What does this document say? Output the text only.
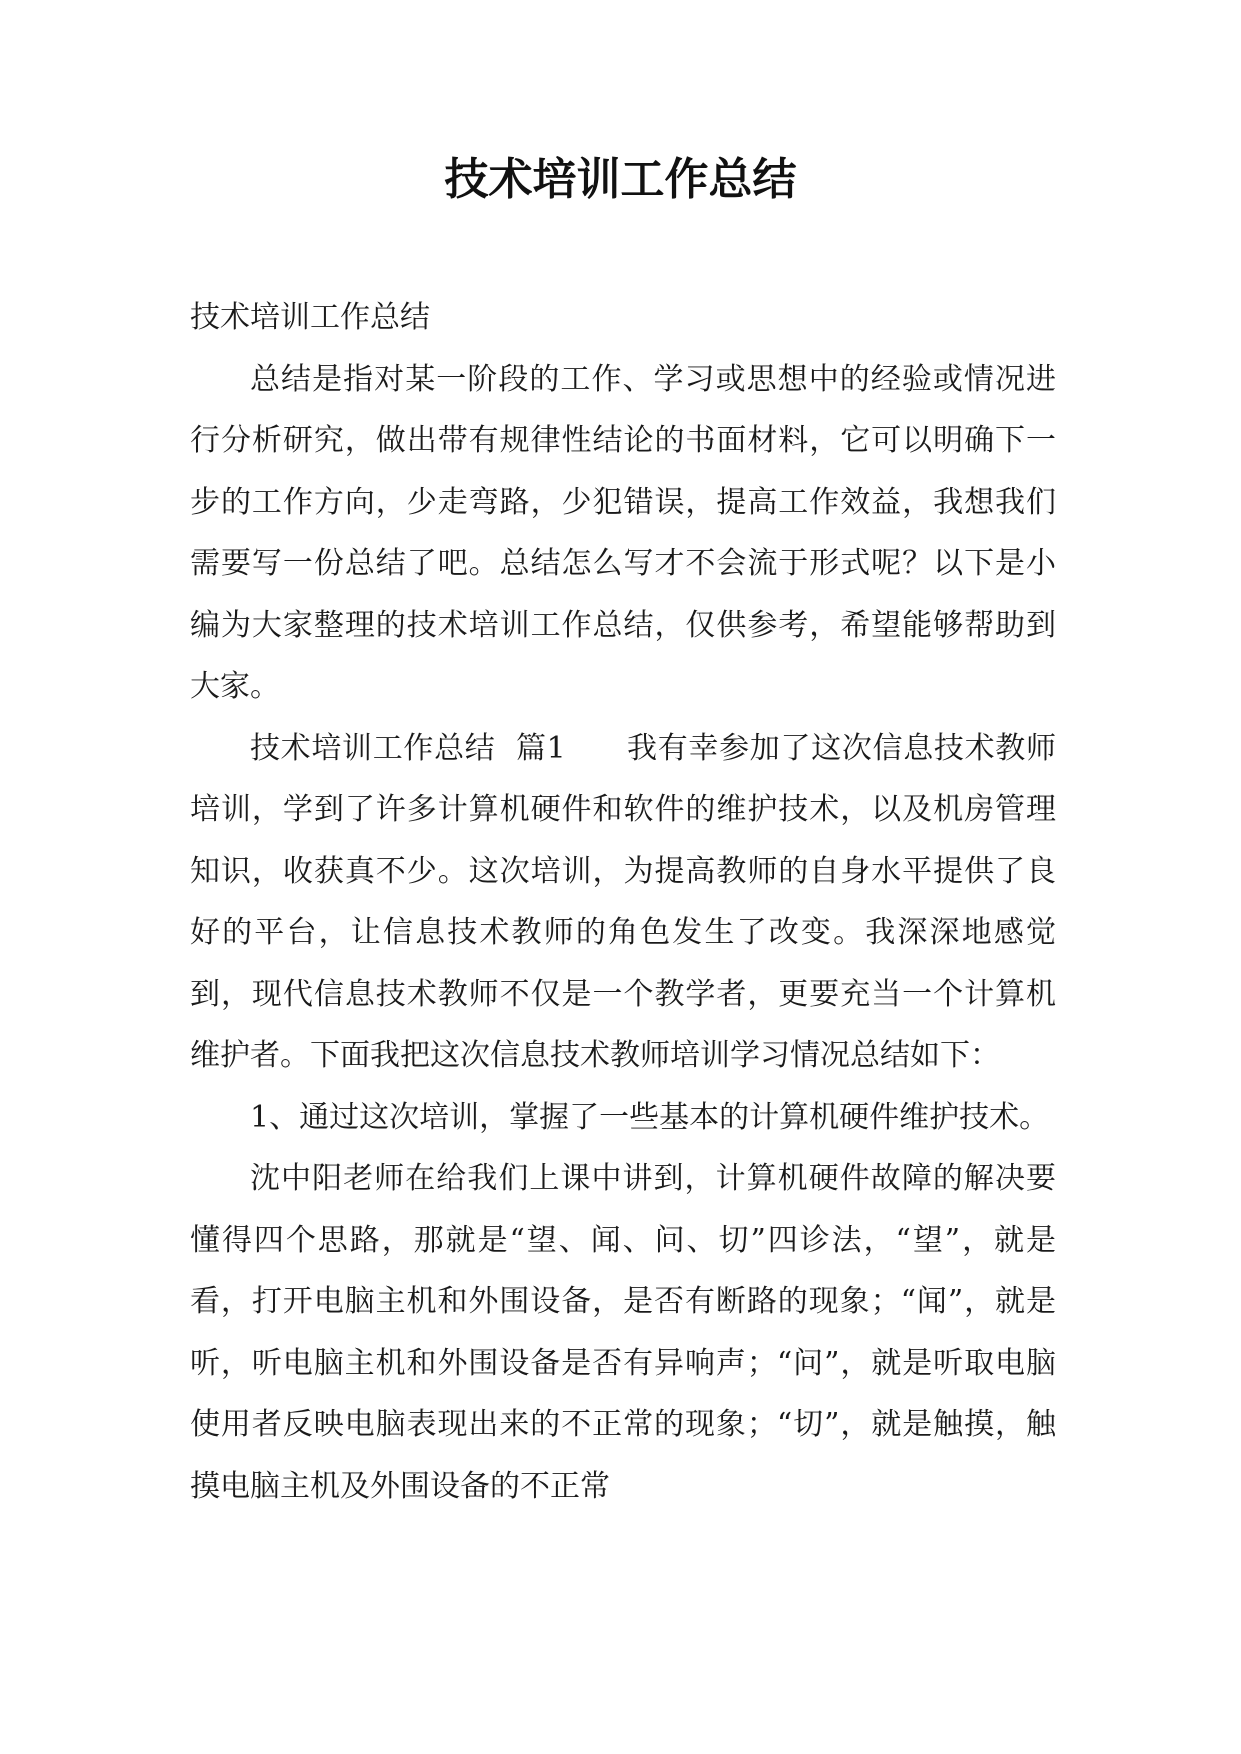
技术培训工作总结

技术培训工作总结

总结是指对某一阶段的工作、学习或思想中的经验或情况进行分析研究，做出带有规律性结论的书面材料，它可以明确下一步的工作方向，少走弯路，少犯错误，提高工作效益，我想我们需要写一份总结了吧。总结怎么写才不会流于形式呢？以下是小编为大家整理的技术培训工作总结，仅供参考，希望能够帮助到大家。

技术培训工作总结  篇1      我有幸参加了这次信息技术教师培训，学到了许多计算机硬件和软件的维护技术，以及机房管理知识，收获真不少。这次培训，为提高教师的自身水平提供了良好的平台，让信息技术教师的角色发生了改变。我深深地感觉到，现代信息技术教师不仅是一个教学者，更要充当一个计算机维护者。下面我把这次信息技术教师培训学习情况总结如下：

1、通过这次培训，掌握了一些基本的计算机硬件维护技术。

沈中阳老师在给我们上课中讲到，计算机硬件故障的解决要懂得四个思路，那就是“望、闻、问、切”四诊法，“望”，就是看，打开电脑主机和外围设备，是否有断路的现象；“闻”，就是听，听电脑主机和外围设备是否有异响声；“问”，就是听取电脑使用者反映电脑表现出来的不正常的现象；“切”，就是触摸，触摸电脑主机及外围设备的不正常
